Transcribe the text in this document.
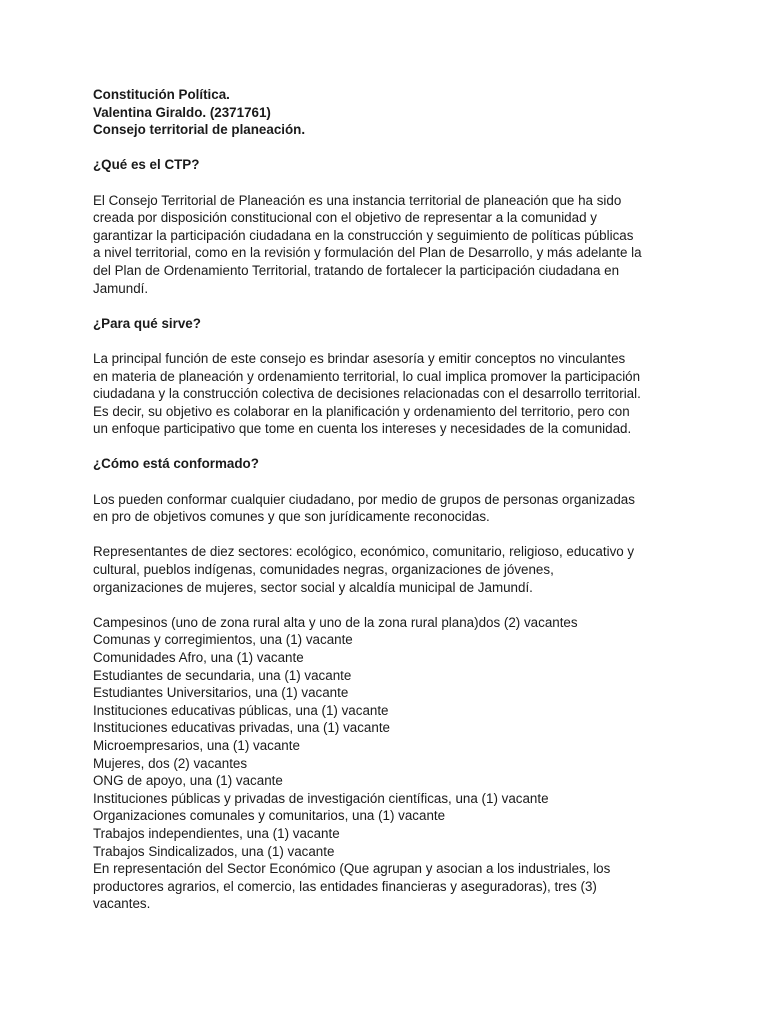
Constitución Política.
Valentina Giraldo. (2371761)
Consejo territorial de planeación.
¿Qué es el CTP?

El Consejo Territorial de Planeación es una instancia territorial de planeación que ha sido
creada por disposición constitucional con el objetivo de representar a la comunidad y
garantizar la participación ciudadana en la construcción y seguimiento de políticas públicas
a nivel territorial, como en la revisión y formulación del Plan de Desarrollo, y más adelante la
del Plan de Ordenamiento Territorial, tratando de fortalecer la participación ciudadana en
Jamundí.

¿Para qué sirve?

La principal función de este consejo es brindar asesoría y emitir conceptos no vinculantes
en materia de planeación y ordenamiento territorial, lo cual implica promover la participación
ciudadana y la construcción colectiva de decisiones relacionadas con el desarrollo territorial.
Es decir, su objetivo es colaborar en la planificación y ordenamiento del territorio, pero con
un enfoque participativo que tome en cuenta los intereses y necesidades de la comunidad.

¿Cómo está conformado?

Los pueden conformar cualquier ciudadano, por medio de grupos de personas organizadas
en pro de objetivos comunes y que son jurídicamente reconocidas.

Representantes de diez sectores: ecológico, económico, comunitario, religioso, educativo y
cultural, pueblos indígenas, comunidades negras, organizaciones de jóvenes,
organizaciones de mujeres, sector social y alcaldía municipal de Jamundí.

Campesinos (uno de zona rural alta y uno de la zona rural plana)dos (2) vacantes
Comunas y corregimientos, una (1) vacante
Comunidades Afro, una (1) vacante
Estudiantes de secundaria, una (1) vacante
Estudiantes Universitarios, una (1) vacante
Instituciones educativas públicas, una (1) vacante
Instituciones educativas privadas, una (1) vacante
Microempresarios, una (1) vacante
Mujeres, dos (2) vacantes
ONG de apoyo, una (1) vacante
Instituciones públicas y privadas de investigación científicas, una (1) vacante
Organizaciones comunales y comunitarios, una (1) vacante
Trabajos independientes, una (1) vacante
Trabajos Sindicalizados, una (1) vacante
En representación del Sector Económico (Que agrupan y asocian a los industriales, los
productores agrarios, el comercio, las entidades financieras y aseguradoras), tres (3)
vacantes.
